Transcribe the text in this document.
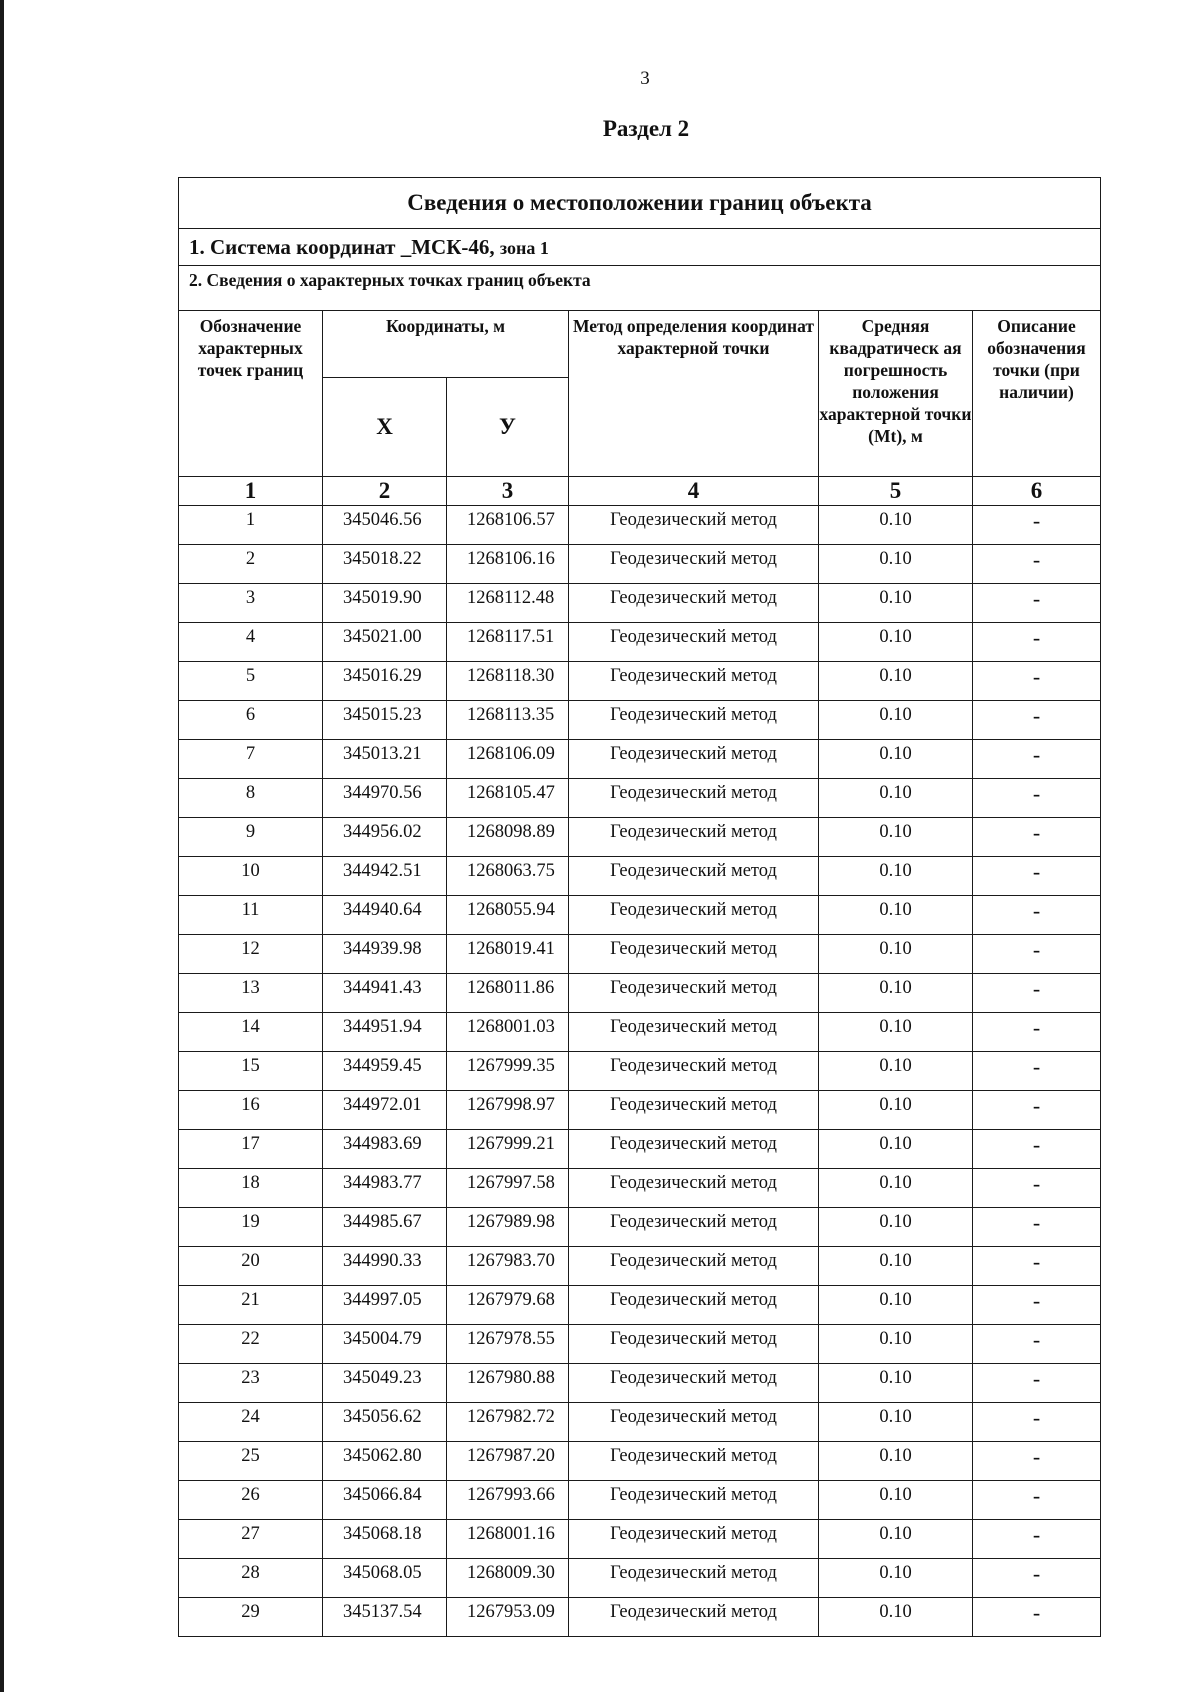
3
Раздел 2
Сведения о местоположении границ объекта					
1. Система координат _МСК-46, зона 1					
2. Сведения о характерных точках границ объекта					
Обозначение характерных точек границ	Координаты, м		Метод определения координат характерной точки	Средняя квадратическ ая погрешность положения характерной точки (Mt), м	Описание обозначения точки (при наличии)
	Х	У			
1	2	3	4	5	6
1	345046.56	1268106.57	Геодезический метод	0.10	-
2	345018.22	1268106.16	Геодезический метод	0.10	-
3	345019.90	1268112.48	Геодезический метод	0.10	-
4	345021.00	1268117.51	Геодезический метод	0.10	-
5	345016.29	1268118.30	Геодезический метод	0.10	-
6	345015.23	1268113.35	Геодезический метод	0.10	-
7	345013.21	1268106.09	Геодезический метод	0.10	-
8	344970.56	1268105.47	Геодезический метод	0.10	-
9	344956.02	1268098.89	Геодезический метод	0.10	-
10	344942.51	1268063.75	Геодезический метод	0.10	-
11	344940.64	1268055.94	Геодезический метод	0.10	-
12	344939.98	1268019.41	Геодезический метод	0.10	-
13	344941.43	1268011.86	Геодезический метод	0.10	-
14	344951.94	1268001.03	Геодезический метод	0.10	-
15	344959.45	1267999.35	Геодезический метод	0.10	-
16	344972.01	1267998.97	Геодезический метод	0.10	-
17	344983.69	1267999.21	Геодезический метод	0.10	-
18	344983.77	1267997.58	Геодезический метод	0.10	-
19	344985.67	1267989.98	Геодезический метод	0.10	-
20	344990.33	1267983.70	Геодезический метод	0.10	-
21	344997.05	1267979.68	Геодезический метод	0.10	-
22	345004.79	1267978.55	Геодезический метод	0.10	-
23	345049.23	1267980.88	Геодезический метод	0.10	-
24	345056.62	1267982.72	Геодезический метод	0.10	-
25	345062.80	1267987.20	Геодезический метод	0.10	-
26	345066.84	1267993.66	Геодезический метод	0.10	-
27	345068.18	1268001.16	Геодезический метод	0.10	-
28	345068.05	1268009.30	Геодезический метод	0.10	-
29	345137.54	1267953.09	Геодезический метод	0.10	-
